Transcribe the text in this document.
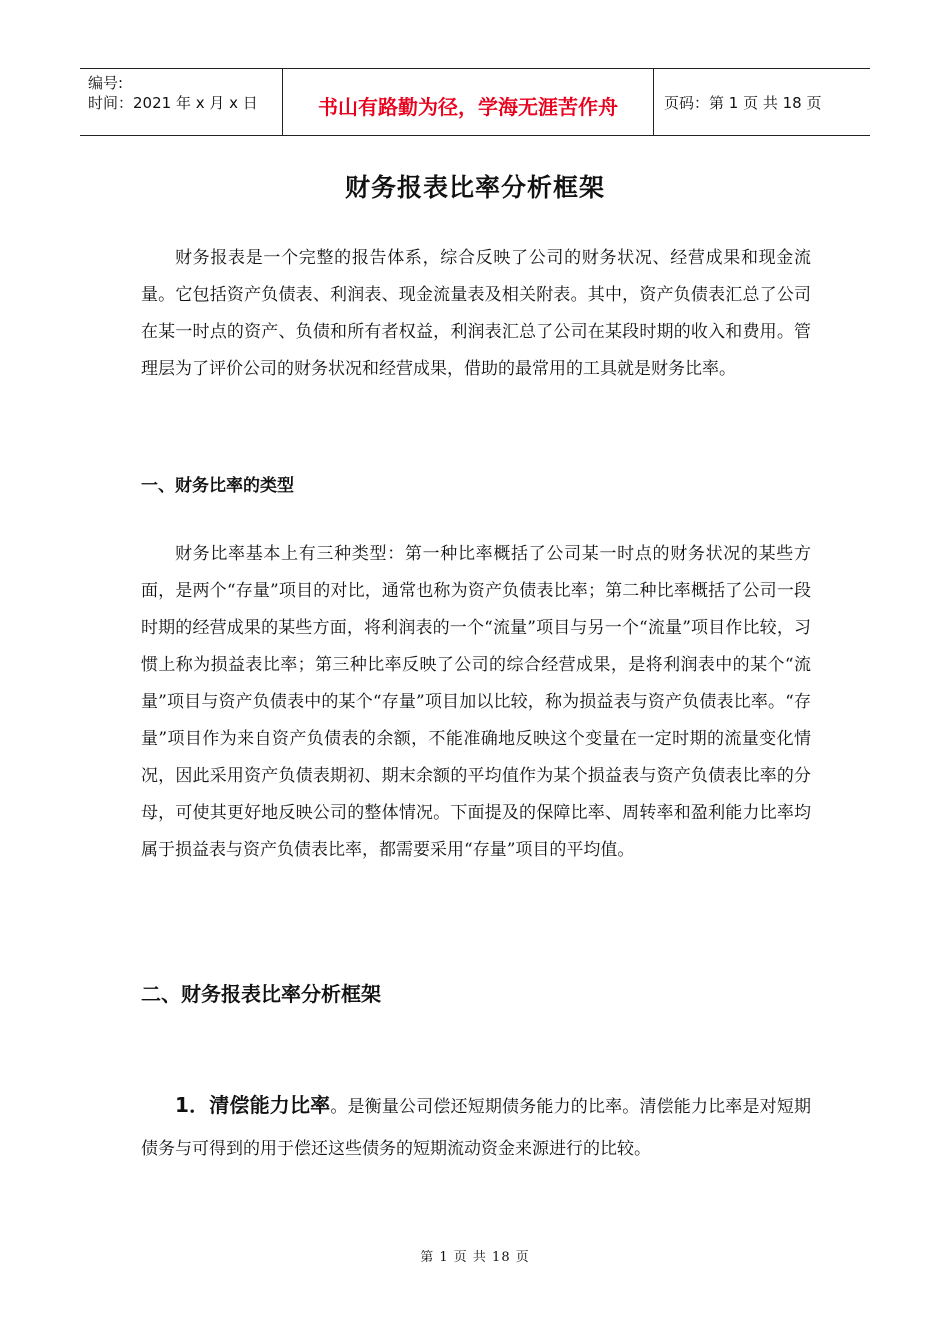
编号:
时间：2021 年 x 月 x 日	书山有路勤为径，学海无涯苦作舟	页码：第 1 页 共 18 页
财务报表比率分析框架

财务报表是一个完整的报告体系，综合反映了公司的财务状况、经营成果和现金流量。它包括资产负债表、利润表、现金流量表及相关附表。其中，资产负债表汇总了公司在某一时点的资产、负债和所有者权益，利润表汇总了公司在某段时期的收入和费用。管理层为了评价公司的财务状况和经营成果，借助的最常用的工具就是财务比率。

一、财务比率的类型

财务比率基本上有三种类型：第一种比率概括了公司某一时点的财务状况的某些方面，是两个“存量”项目的对比，通常也称为资产负债表比率；第二种比率概括了公司一段时期的经营成果的某些方面，将利润表的一个“流量”项目与另一个“流量”项目作比较，习惯上称为损益表比率；第三种比率反映了公司的综合经营成果，是将利润表中的某个“流量”项目与资产负债表中的某个“存量”项目加以比较，称为损益表与资产负债表比率。“存量”项目作为来自资产负债表的余额，不能准确地反映这个变量在一定时期的流量变化情况，因此采用资产负债表期初、期末余额的平均值作为某个损益表与资产负债表比率的分母，可使其更好地反映公司的整体情况。下面提及的保障比率、周转率和盈利能力比率均属于损益表与资产负债表比率，都需要采用“存量”项目的平均值。

二、财务报表比率分析框架

1．清偿能力比率。是衡量公司偿还短期债务能力的比率。清偿能力比率是对短期债务与可得到的用于偿还这些债务的短期流动资金来源进行的比较。

第 1 页 共 18 页
